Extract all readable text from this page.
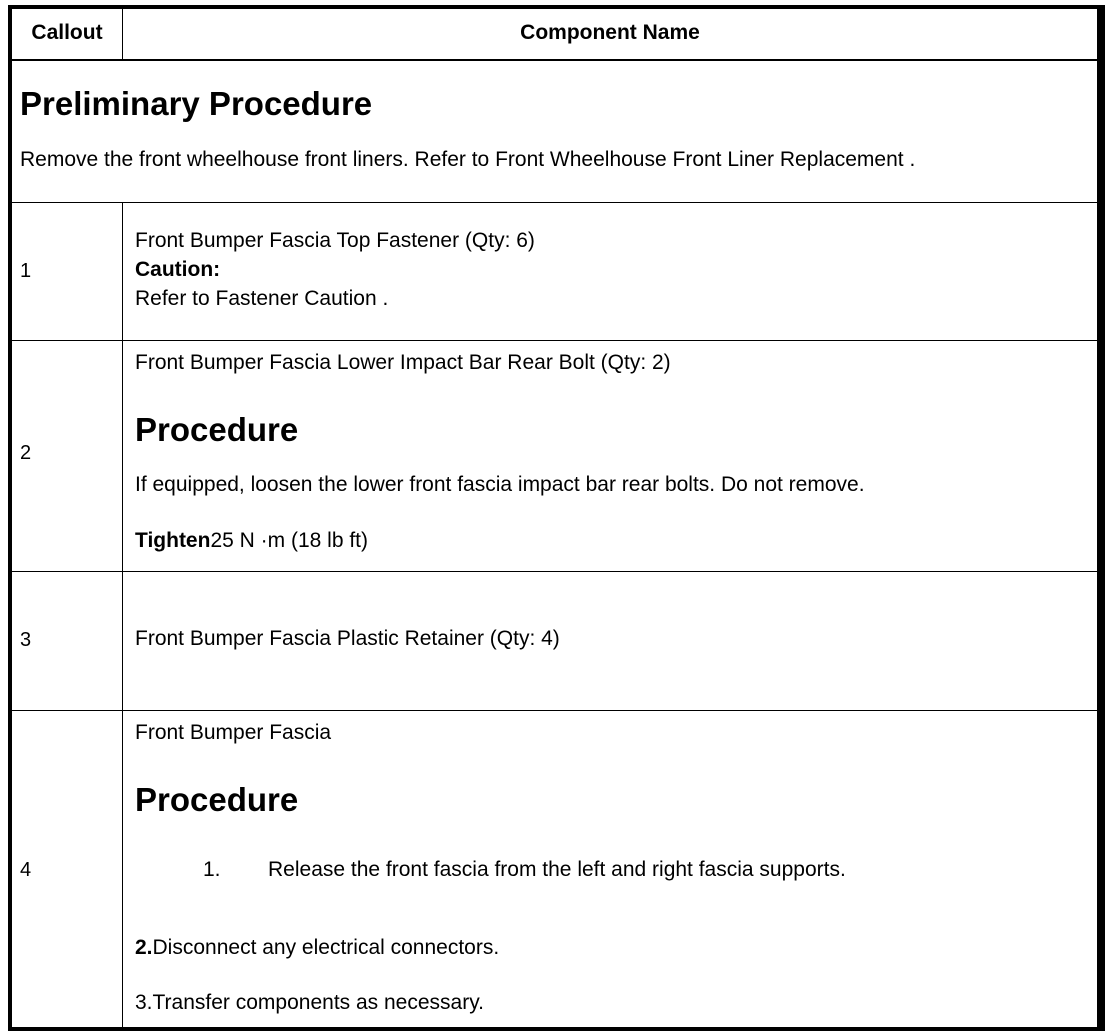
Callout	Component Name
Preliminary Procedure
Remove the front wheelhouse front liners. Refer to Front Wheelhouse Front Liner Replacement .
1
Front Bumper Fascia Top Fastener (Qty: 6)
Caution:
Refer to Fastener Caution .
2
Front Bumper Fascia Lower Impact Bar Rear Bolt (Qty: 2)
Procedure
If equipped, loosen the lower front fascia impact bar rear bolts. Do not remove.
Tighten25 N ·m (18 lb ft)
3	Front Bumper Fascia Plastic Retainer (Qty: 4)
4
Front Bumper Fascia
Procedure
1. Release the front fascia from the left and right fascia supports.
2.Disconnect any electrical connectors.
3.Transfer components as necessary.
